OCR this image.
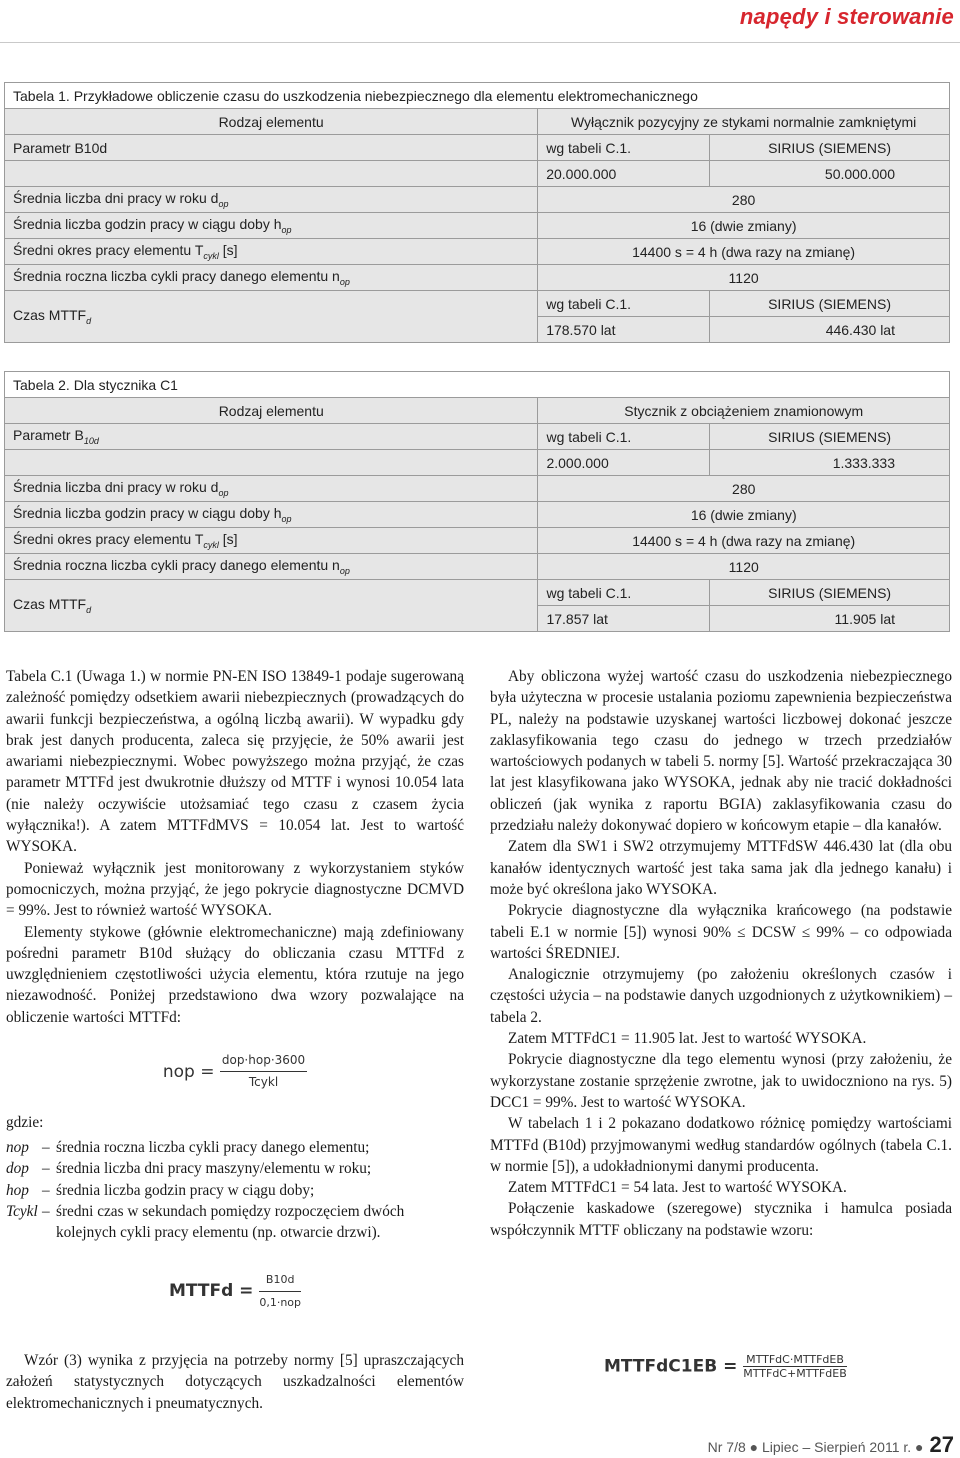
napędy i sterowanie
Tabela 1. Przykładowe obliczenie czasu do uszkodzenia niebezpiecznego dla elementu elektromechanicznego		
Rodzaj elementu	Wyłącznik pozycyjny ze stykami normalnie zamkniętymi	
Parametr B10d	wg tabeli C.1.	SIRIUS (SIEMENS)
	20.000.000	50.000.000
Średnia liczba dni pracy w roku $d_{op}$	280	
Średnia liczba godzin pracy w ciągu doby $h_{op}$	16 (dwie zmiany)	
Średni okres pracy elementu $T_{cykl}$ [s]	14400 s = 4 h (dwa razy na zmianę)	
Średnia roczna liczba cykli pracy danego elementu $n_{op}$	1120	
Czas $MTTF_d$	wg tabeli C.1.	SIRIUS (SIEMENS)
	178.570 lat	446.430 lat
Tabela 2. Dla stycznika C1		
Rodzaj elementu	Stycznik z obciążeniem znamionowym	
Parametr $B_{10d}$	wg tabeli C.1.	SIRIUS (SIEMENS)
	2.000.000	1.333.333
Średnia liczba dni pracy w roku $d_{op}$	280	
Średnia liczba godzin pracy w ciągu doby $h_{op}$	16 (dwie zmiany)	
Średni okres pracy elementu $T_{cykl}$ [s]	14400 s = 4 h (dwa razy na zmianę)	
Średnia roczna liczba cykli pracy danego elementu $n_{op}$	1120	
Czas $MTTF_d$	wg tabeli C.1.	SIRIUS (SIEMENS)
	17.857 lat	11.905 lat

Tabela C.1 (Uwaga 1.) w normie PN-EN ISO 13849-1 podaje sugerowaną zależność pomiędzy odsetkiem awarii niebezpiecznych (prowadzących do awarii funkcji bezpieczeństwa, a ogólną liczbą awarii). W wypadku gdy brak jest danych producenta, zaleca się przyjęcie, że 50% awarii jest awariami niebezpiecznymi. Wobec powyższego można przyjąć, że czas parametr MTTFd jest dwukrotnie dłuższy od MTTF i wynosi 10.054 lata (nie należy oczywiście utożsamiać tego czasu z czasem życia wyłącznika!). A zatem MTTFdMVS = 10.054 lat. Jest to wartość WYSOKA.

Ponieważ wyłącznik jest monitorowany z wykorzystaniem styków pomocniczych, można przyjąć, że jego pokrycie diagnostyczne DCMVD = 99%. Jest to również wartość WYSOKA.

Elementy stykowe (głównie elektromechaniczne) mają zdefiniowany pośredni parametr B10d służący do obliczania czasu MTTFd z uwzględnieniem częstotliwości użycia elementu, która rzutuje na jego niezawodność. Poniżej przedstawiono dwa wzory pozwalające na obliczenie wartości MTTFd:

nop =
dop·hop·3600
Tcykl
gdzie:
nop – średnia roczna liczba cykli pracy danego elementu;
dop – średnia liczba dni pracy maszyny/elementu w roku;
hop – średnia liczba godzin pracy w ciągu doby;
Tcykl – średni czas w sekundach pomiędzy rozpoczęciem dwóch kolejnych cykli pracy elementu (np. otwarcie drzwi).
MTTFd =
B10d
0,1·nop

Wzór (3) wynika z przyjęcia na potrzeby normy [5] upraszczających założeń statystycznych dotyczących uszkadzalności elementów elektromechanicznych i pneumatycznych.

Aby obliczona wyżej wartość czasu do uszkodzenia niebezpiecznego była użyteczna w procesie ustalania poziomu zapewnienia bezpieczeństwa PL, należy na podstawie uzyskanej wartości liczbowej dokonać jeszcze zaklasyfikowania tego czasu do jednego w trzech przedziałów wartościowych podanych w tabeli 5. normy [5]. Wartość przekraczająca 30 lat jest klasyfikowana jako WYSOKA, jednak aby nie tracić dokładności obliczeń (jak wynika z raportu BGIA) zaklasyfikowania czasu do przedziału należy dokonywać dopiero w końcowym etapie – dla kanałów.

Zatem dla SW1 i SW2 otrzymujemy MTTFdSW 446.430 lat (dla obu kanałów identycznych wartość jest taka sama jak dla jednego kanału) i może być określona jako WYSOKA.

Pokrycie diagnostyczne dla wyłącznika krańcowego (na podstawie tabeli E.1 w normie [5]) wynosi 90% ≤ DCSW ≤ 99% – co odpowiada wartości ŚREDNIEJ.

Analogicznie otrzymujemy (po założeniu określonych czasów i częstości użycia – na podstawie danych uzgodnionych z użytkownikiem) – tabela 2.

Zatem MTTFdC1 = 11.905 lat. Jest to wartość WYSOKA.

Pokrycie diagnostyczne dla tego elementu wynosi (przy założeniu, że wykorzystane zostanie sprzężenie zwrotne, jak to uwidoczniono na rys. 5) DCC1 = 99%. Jest to wartość WYSOKA.

W tabelach 1 i 2 pokazano dodatkowo różnicę pomiędzy wartościami MTTFd (B10d) przyjmowanymi według standardów ogólnych (tabela C.1. w normie [5]), a udokładnionymi danymi producenta.

Zatem MTTFdC1 = 54 lata. Jest to wartość WYSOKA.

Połączenie kaskadowe (szeregowe) stycznika i hamulca posiada współczynnik MTTF obliczany na podstawie wzoru:

MTTFdC1EB = MTTFdC·MTTFdEB
MTTFdC+MTTFdEB
Nr 7/8 ● Lipiec – Sierpień 2011 r. ● 27
